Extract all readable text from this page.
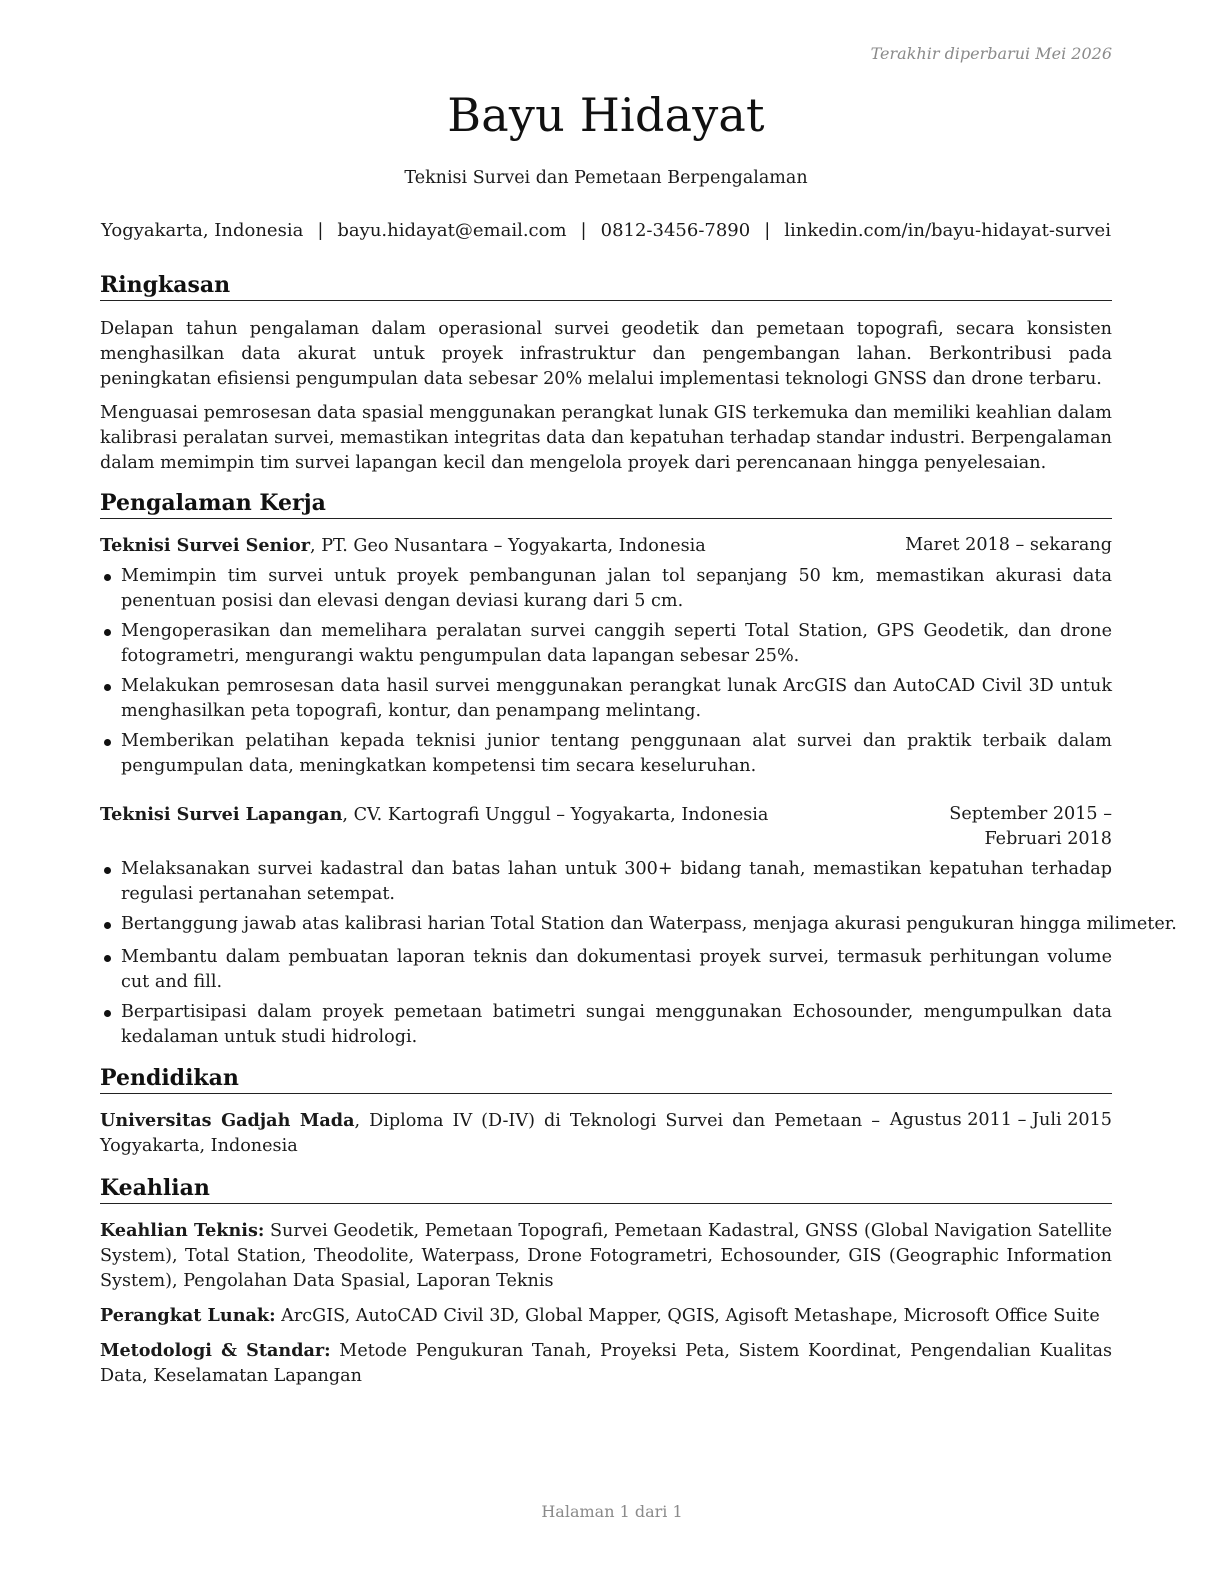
Terakhir diperbarui Mei 2026
Bayu Hidayat
Teknisi Survei dan Pemetaan Berpengalaman
Yogyakarta, Indonesia | bayu.hidayat@email.com | 0812-3456-7890 | linkedin.com/in/bayu-hidayat-survei
Ringkasan

Delapan tahun pengalaman dalam operasional survei geodetik dan pemetaan topografi, secara konsisten menghasilkan data akurat untuk proyek infrastruktur dan pengembangan lahan. Berkontribusi pada peningkatan efisiensi pengumpulan data sebesar 20% melalui implementasi teknologi GNSS dan drone terbaru.

Menguasai pemrosesan data spasial menggunakan perangkat lunak GIS terkemuka dan memiliki keahlian dalam kalibrasi peralatan survei, memastikan integritas data dan kepatuhan terhadap standar industri. Berpengalaman dalam memimpin tim survei lapangan kecil dan mengelola proyek dari perencanaan hingga penyelesaian.

Pengalaman Kerja
Teknisi Survei Senior, PT. Geo Nusantara – Yogyakarta, Indonesia	Maret 2018 – sekarang
Memimpin tim survei untuk proyek pembangunan jalan tol sepanjang 50 km, memastikan akurasi data penentuan posisi dan elevasi dengan deviasi kurang dari 5 cm.
Mengoperasikan dan memelihara peralatan survei canggih seperti Total Station, GPS Geodetik, dan drone fotogrametri, mengurangi waktu pengumpulan data lapangan sebesar 25%.
Melakukan pemrosesan data hasil survei menggunakan perangkat lunak ArcGIS dan AutoCAD Civil 3D untuk menghasilkan peta topografi, kontur, dan penampang melintang.
Memberikan pelatihan kepada teknisi junior tentang penggunaan alat survei dan praktik terbaik dalam pengumpulan data, meningkatkan kompetensi tim secara keseluruhan.
Teknisi Survei Lapangan, CV. Kartografi Unggul – Yogyakarta, Indonesia	September 2015 – Februari 2018
Melaksanakan survei kadastral dan batas lahan untuk 300+ bidang tanah, memastikan kepatuhan terhadap regulasi pertanahan setempat.
Bertanggung jawab atas kalibrasi harian Total Station dan Waterpass, menjaga akurasi pengukuran hingga milimeter.
Membantu dalam pembuatan laporan teknis dan dokumentasi proyek survei, termasuk perhitungan volume cut and fill.
Berpartisipasi dalam proyek pemetaan batimetri sungai menggunakan Echosounder, mengumpulkan data kedalaman untuk studi hidrologi.
Pendidikan
Universitas Gadjah Mada, Diploma IV (D-IV) di Teknologi Survei dan Pemetaan – Yogyakarta, Indonesia
Agustus 2011 – Juli 2015
Keahlian

Keahlian Teknis: Survei Geodetik, Pemetaan Topografi, Pemetaan Kadastral, GNSS (Global Navigation Satellite System), Total Station, Theodolite, Waterpass, Drone Fotogrametri, Echosounder, GIS (Geographic Information System), Pengolahan Data Spasial, Laporan Teknis

Perangkat Lunak: ArcGIS, AutoCAD Civil 3D, Global Mapper, QGIS, Agisoft Metashape, Microsoft Office Suite

Metodologi & Standar: Metode Pengukuran Tanah, Proyeksi Peta, Sistem Koordinat, Pengendalian Kualitas Data, Keselamatan Lapangan

Halaman 1 dari 1
